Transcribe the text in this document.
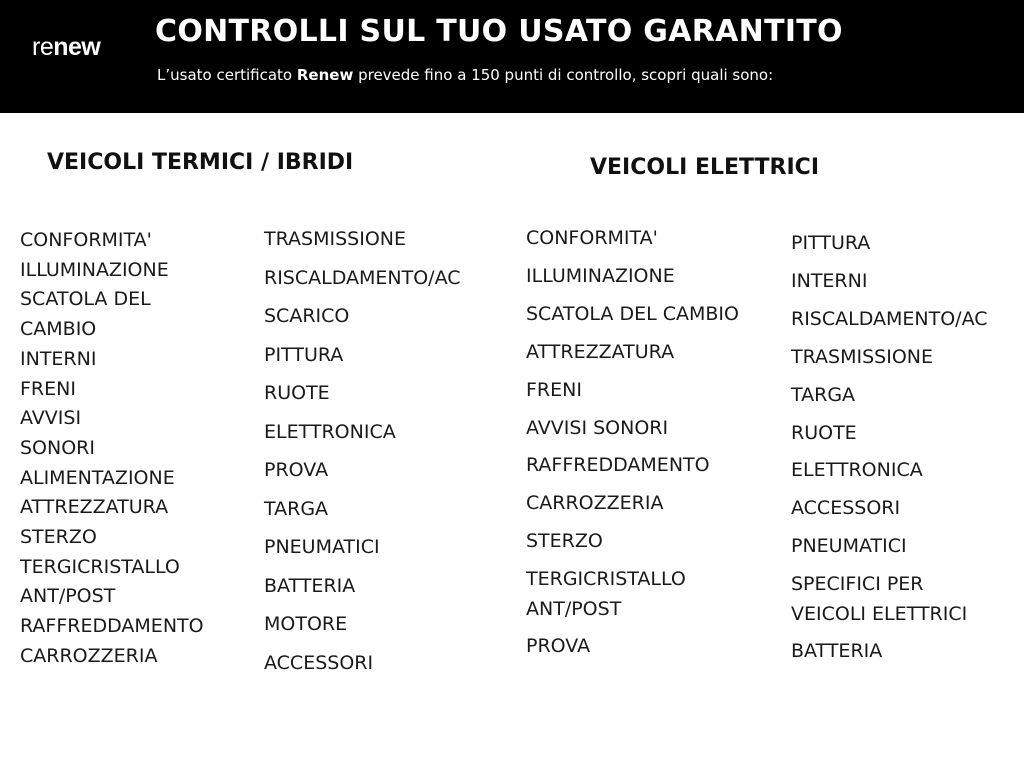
renew CONTROLLI SUL TUO USATO GARANTITO
L’usato certificato Renew prevede fino a 150 punti di controllo, scopri quali sono:
VEICOLI TERMICI / IBRIDI	VEICOLI ELETTRICI
CONFORMITA'
ILLUMINAZIONE
SCATOLA DEL
CAMBIO
INTERNI
FRENI
AVVISI
SONORI
ALIMENTAZIONE
ATTREZZATURA
STERZO
TERGICRISTALLO
ANT/POST
RAFFREDDAMENTO
CARROZZERIA
TRASMISSIONE
RISCALDAMENTO/AC
SCARICO
PITTURA
RUOTE
ELETTRONICA
PROVA
TARGA
PNEUMATICI
BATTERIA
MOTORE
ACCESSORI
CONFORMITA'
ILLUMINAZIONE
SCATOLA DEL CAMBIO
ATTREZZATURA
FRENI
AVVISI SONORI
RAFFREDDAMENTO
CARROZZERIA
STERZO
TERGICRISTALLO
ANT/POST
PROVA
PITTURA
INTERNI
RISCALDAMENTO/AC
TRASMISSIONE
TARGA
RUOTE
ELETTRONICA
ACCESSORI
PNEUMATICI
SPECIFICI PER
VEICOLI ELETTRICI
BATTERIA
